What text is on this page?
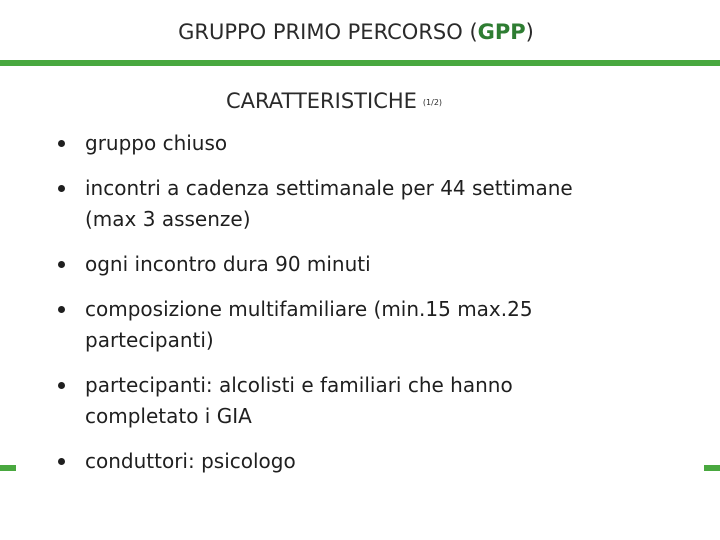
GRUPPO PRIMO PERCORSO (GPP)
CARATTERISTICHE (1/2)
gruppo chiuso
incontri a cadenza settimanale per 44 settimane
(max 3 assenze)
ogni incontro dura 90 minuti
composizione multifamiliare (min.15 max.25
partecipanti)
partecipanti: alcolisti e familiari che hanno
completato i GIA
conduttori: psicologo
